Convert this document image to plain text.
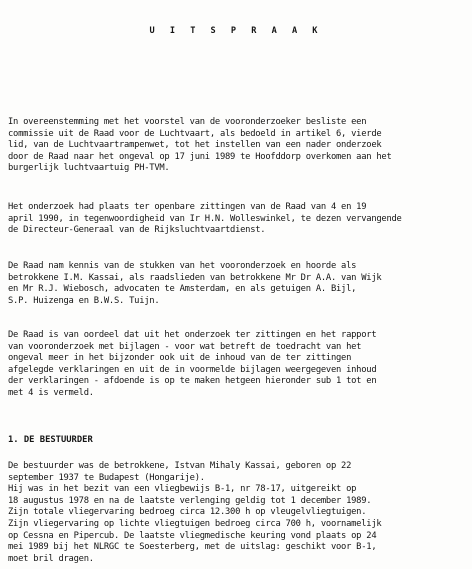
U I T S P R A A K

In overeenstemming met het voorstel van de vooronderzoeker besliste een
commissie uit de Raad voor de Luchtvaart, als bedoeld in artikel 6, vierde
lid, van de Luchtvaartrampenwet, tot het instellen van een nader onderzoek
door de Raad naar het ongeval op 17 juni 1989 te Hoofddorp overkomen aan het
burgerlijk luchtvaartuig PH-TVM.

Het onderzoek had plaats ter openbare zittingen van de Raad van 4 en 19
april 1990, in tegenwoordigheid van Ir H.N. Wolleswinkel, te dezen vervangende
de Directeur-Generaal van de Rijksluchtvaartdienst.

De Raad nam kennis van de stukken van het vooronderzoek en hoorde als
betrokkene I.M. Kassai, als raadslieden van betrokkene Mr Dr A.A. van Wijk
en Mr R.J. Wiebosch, advocaten te Amsterdam, en als getuigen A. Bijl,
S.P. Huizenga en B.W.S. Tuijn.

De Raad is van oordeel dat uit het onderzoek ter zittingen en het rapport
van vooronderzoek met bijlagen - voor wat betreft de toedracht van het
ongeval meer in het bijzonder ook uit de inhoud van de ter zittingen
afgelegde verklaringen en uit de in voormelde bijlagen weergegeven inhoud
der verklaringen - afdoende is op te maken hetgeen hieronder sub 1 tot en
met 4 is vermeld.

1. DE BESTUURDER

De bestuurder was de betrokkene, Istvan Mihaly Kassai, geboren op 22
september 1937 te Budapest (Hongarije).
Hij was in het bezit van een vliegbewijs B-1, nr 78-17, uitgereikt op
18 augustus 1978 en na de laatste verlenging geldig tot 1 december 1989.
Zijn totale vliegervaring bedroeg circa 12.300 h op vleugelvliegtuigen.
Zijn vliegervaring op lichte vliegtuigen bedroeg circa 700 h, voornamelijk
op Cessna en Pipercub. De laatste vliegmedische keuring vond plaats op 24
mei 1989 bij het NLRGC te Soesterberg, met de uitslag: geschikt voor B-1,
moet bril dragen.
